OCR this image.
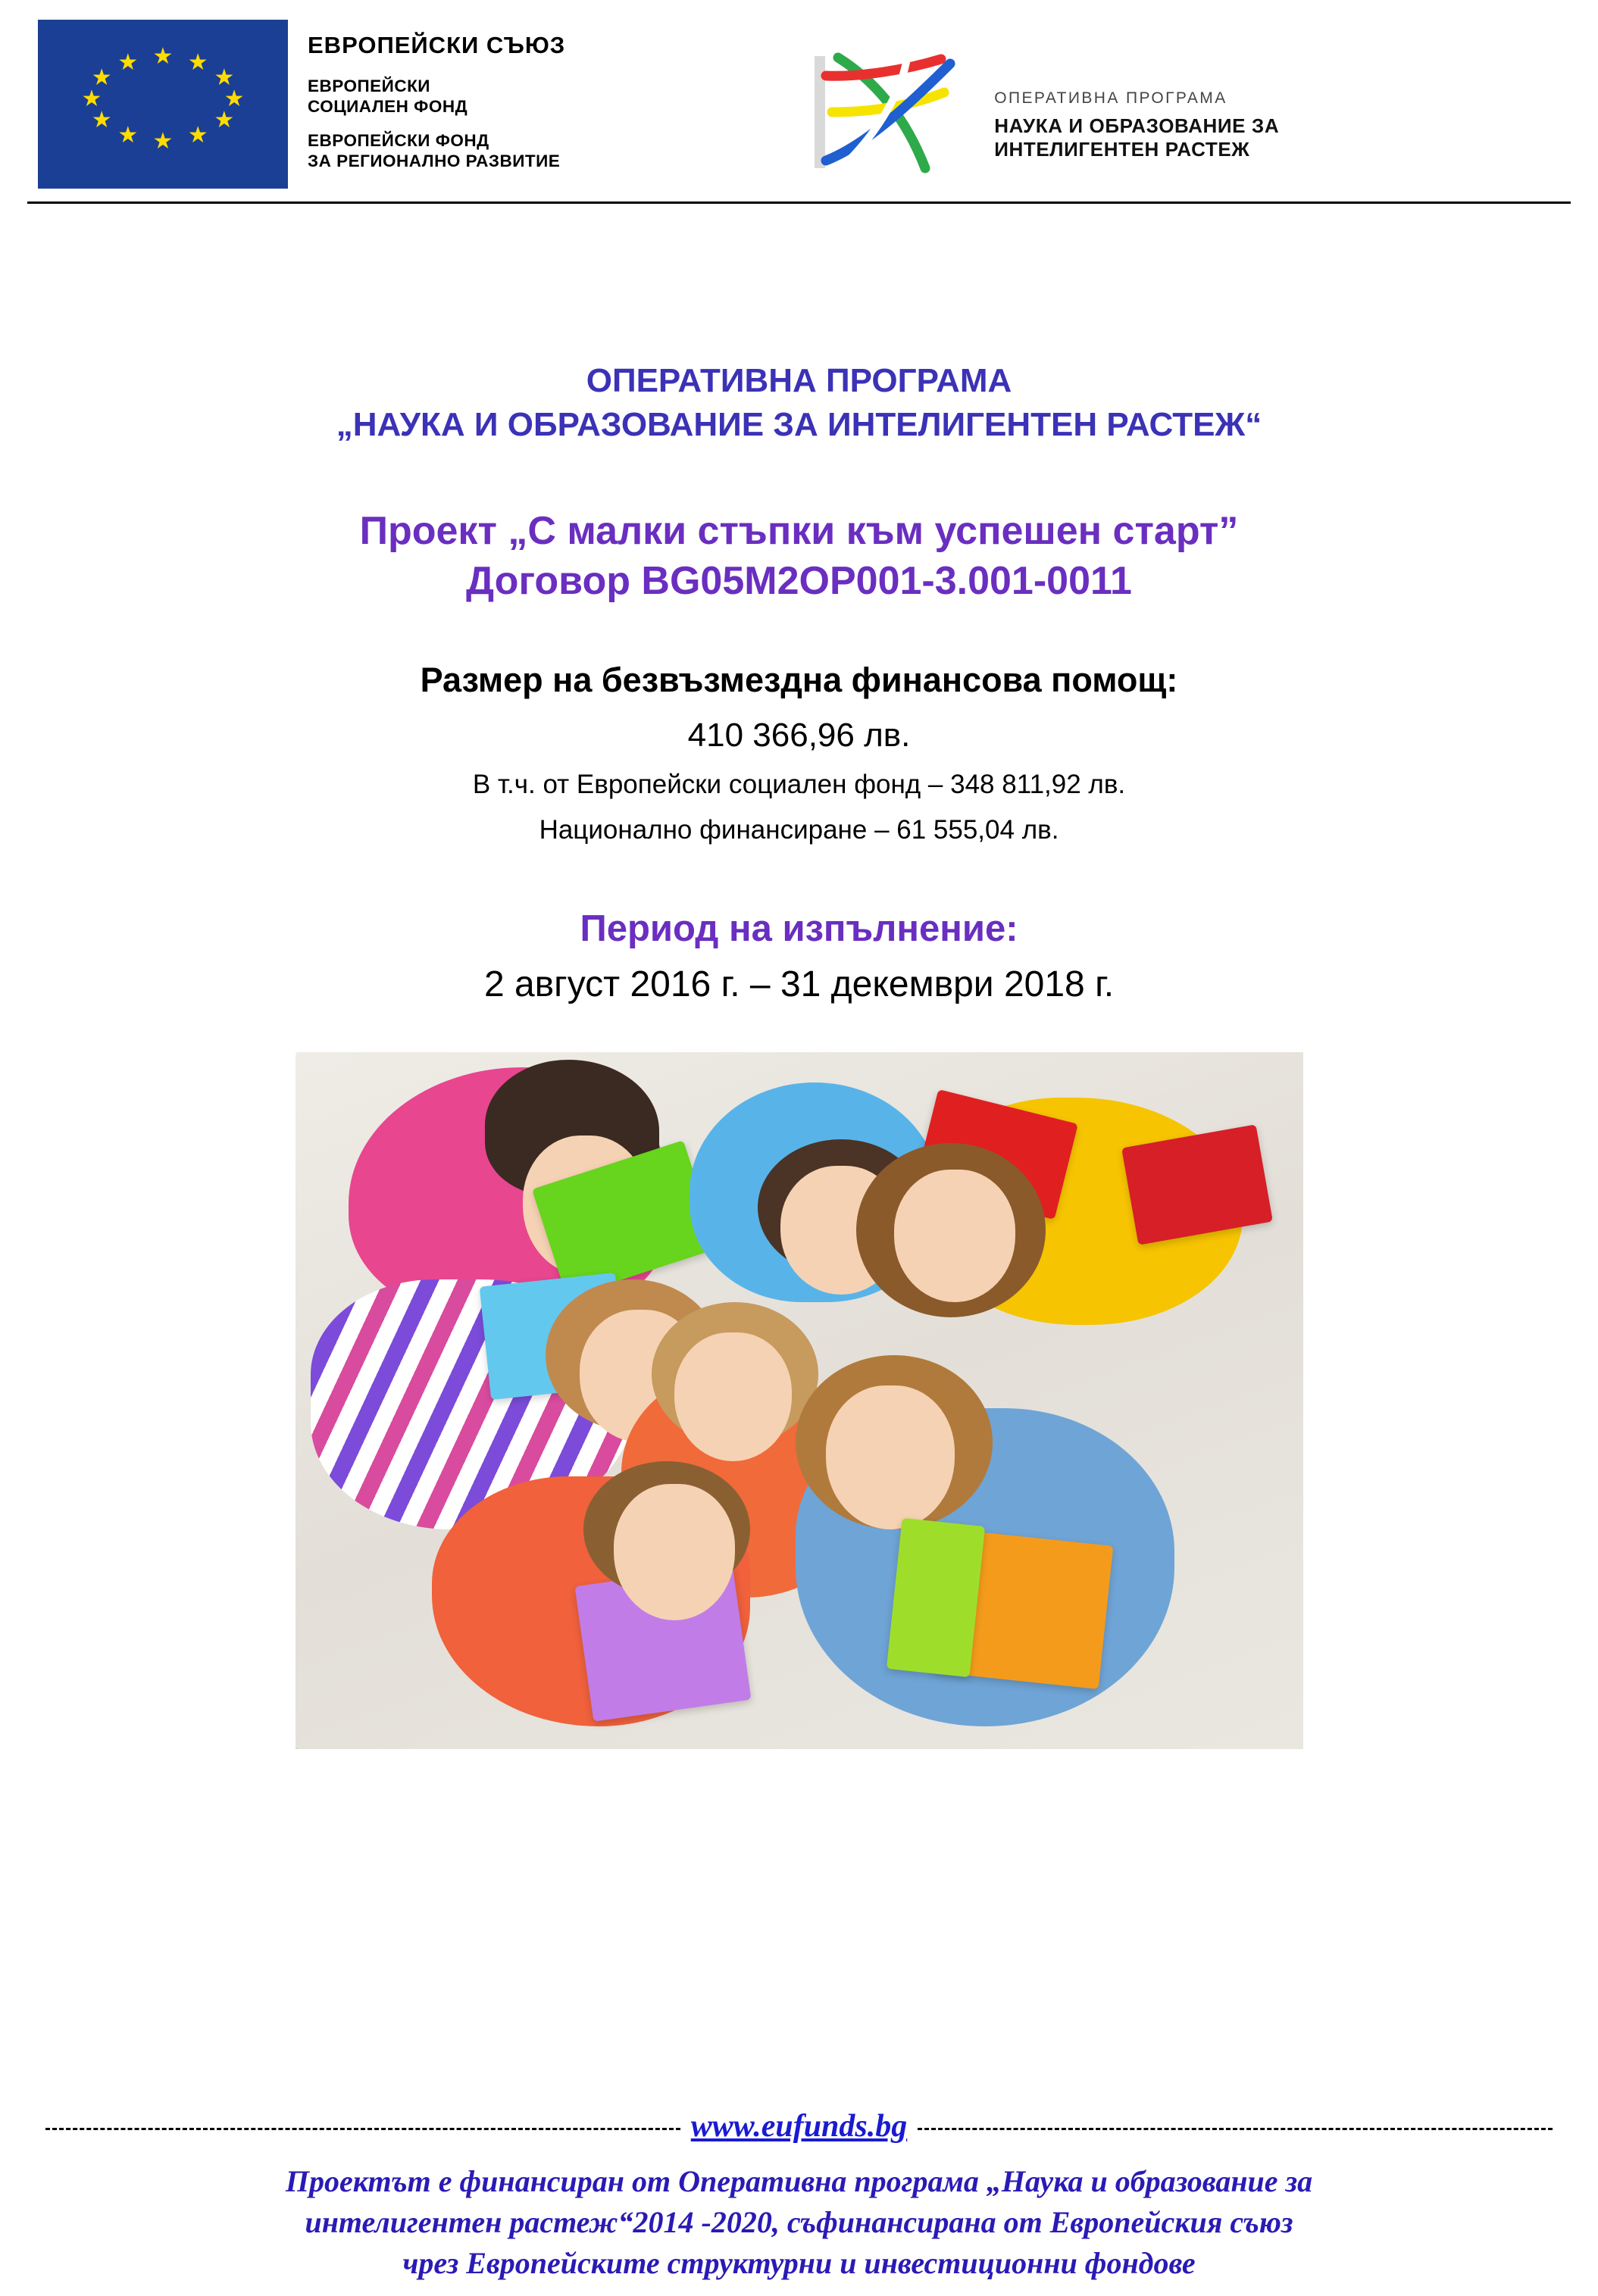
★ ★
★
★
★
★
★
★
★
★
★
★
ЕВРОПЕЙСКИ СЪЮЗ
ЕВРОПЕЙСКИ
СОЦИАЛЕН ФОНД
ЕВРОПЕЙСКИ ФОНД
ЗА РЕГИОНАЛНО РАЗВИТИЕ
ОПЕРАТИВНА ПРОГРАМА
НАУКА И ОБРАЗОВАНИЕ ЗА
ИНТЕЛИГЕНТЕН РАСТЕЖ
ОПЕРАТИВНА ПРОГРАМА
„НАУКА И ОБРАЗОВАНИЕ ЗА ИНТЕЛИГЕНТЕН РАСТЕЖ“
Проект „С малки стъпки към успешен старт”
Договор BG05M2OP001-3.001-0011
Размер на безвъзмездна финансова помощ:
410 366,96 лв.
В т.ч. от Европейски социален фонд – 348 811,92 лв.
Национално финансиране – 61 555,04 лв.
Период на изпълнение:
2 август 2016 г. – 31 декември 2018 г.
www.eufunds.bg
Проектът е финансиран от Оперативна програма „Наука и образование за
интелигентен растеж“2014 -2020, съфинансирана от Европейския съюз
чрез Европейските структурни и инвестиционни фондове
